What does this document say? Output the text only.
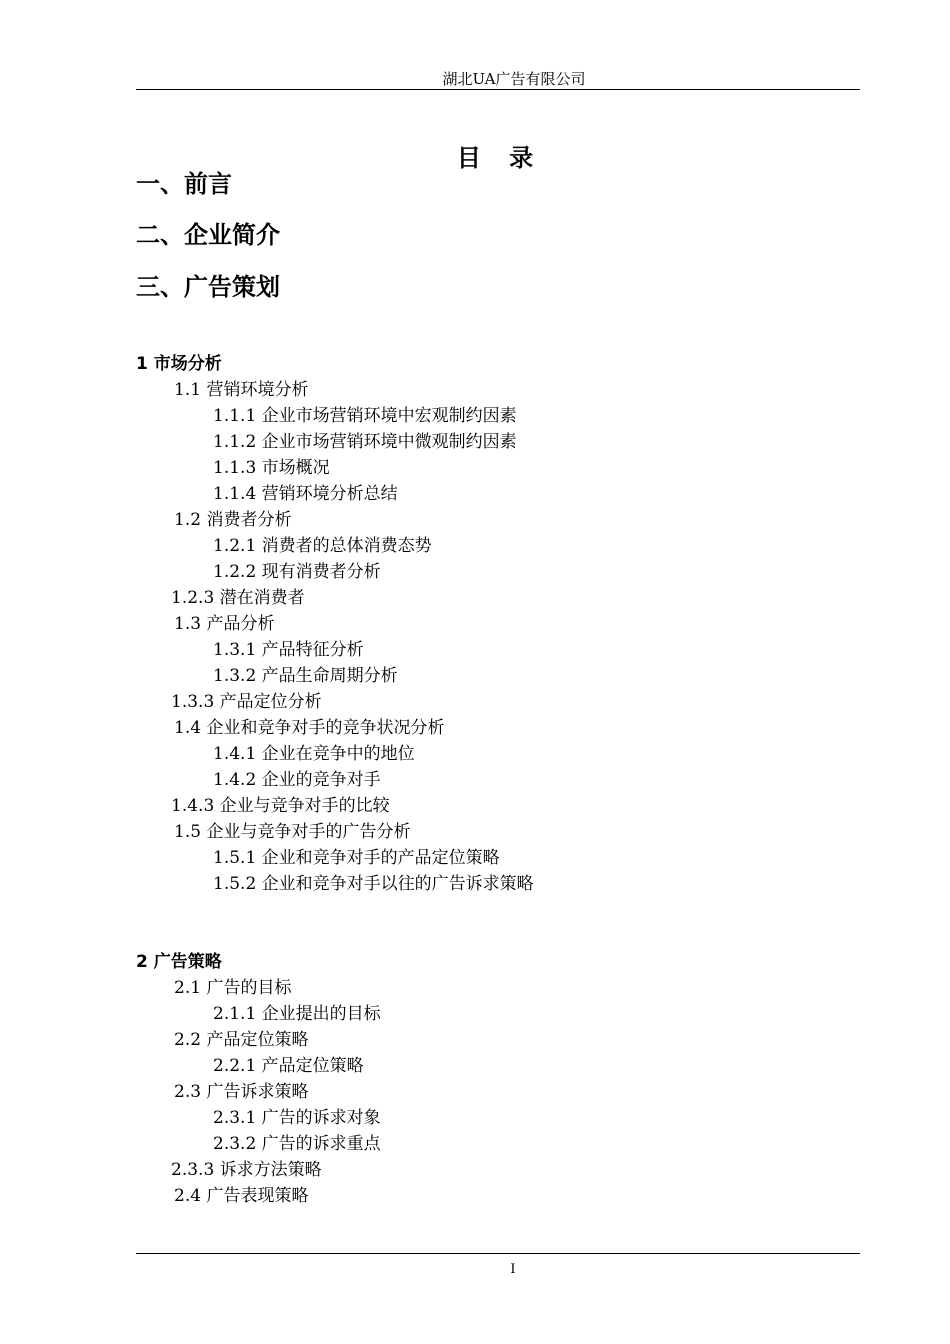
湖北UA广告有限公司
目 录
一、前言
二、企业简介
三、广告策划
1 市场分析
1.1 营销环境分析
1.1.1 企业市场营销环境中宏观制约因素
1.1.2 企业市场营销环境中微观制约因素
1.1.3 市场概况
1.1.4 营销环境分析总结
1.2 消费者分析
1.2.1 消费者的总体消费态势
1.2.2 现有消费者分析
1.2.3 潜在消费者
1.3 产品分析
1.3.1 产品特征分析
1.3.2 产品生命周期分析
1.3.3 产品定位分析
1.4 企业和竞争对手的竞争状况分析
1.4.1 企业在竞争中的地位
1.4.2 企业的竞争对手
1.4.3 企业与竞争对手的比较
1.5 企业与竞争对手的广告分析
1.5.1 企业和竞争对手的产品定位策略
1.5.2 企业和竞争对手以往的广告诉求策略
2 广告策略
2.1 广告的目标
2.1.1 企业提出的目标
2.2 产品定位策略
2.2.1 产品定位策略
2.3 广告诉求策略
2.3.1 广告的诉求对象
2.3.2 广告的诉求重点
2.3.3 诉求方法策略
2.4 广告表现策略
I
